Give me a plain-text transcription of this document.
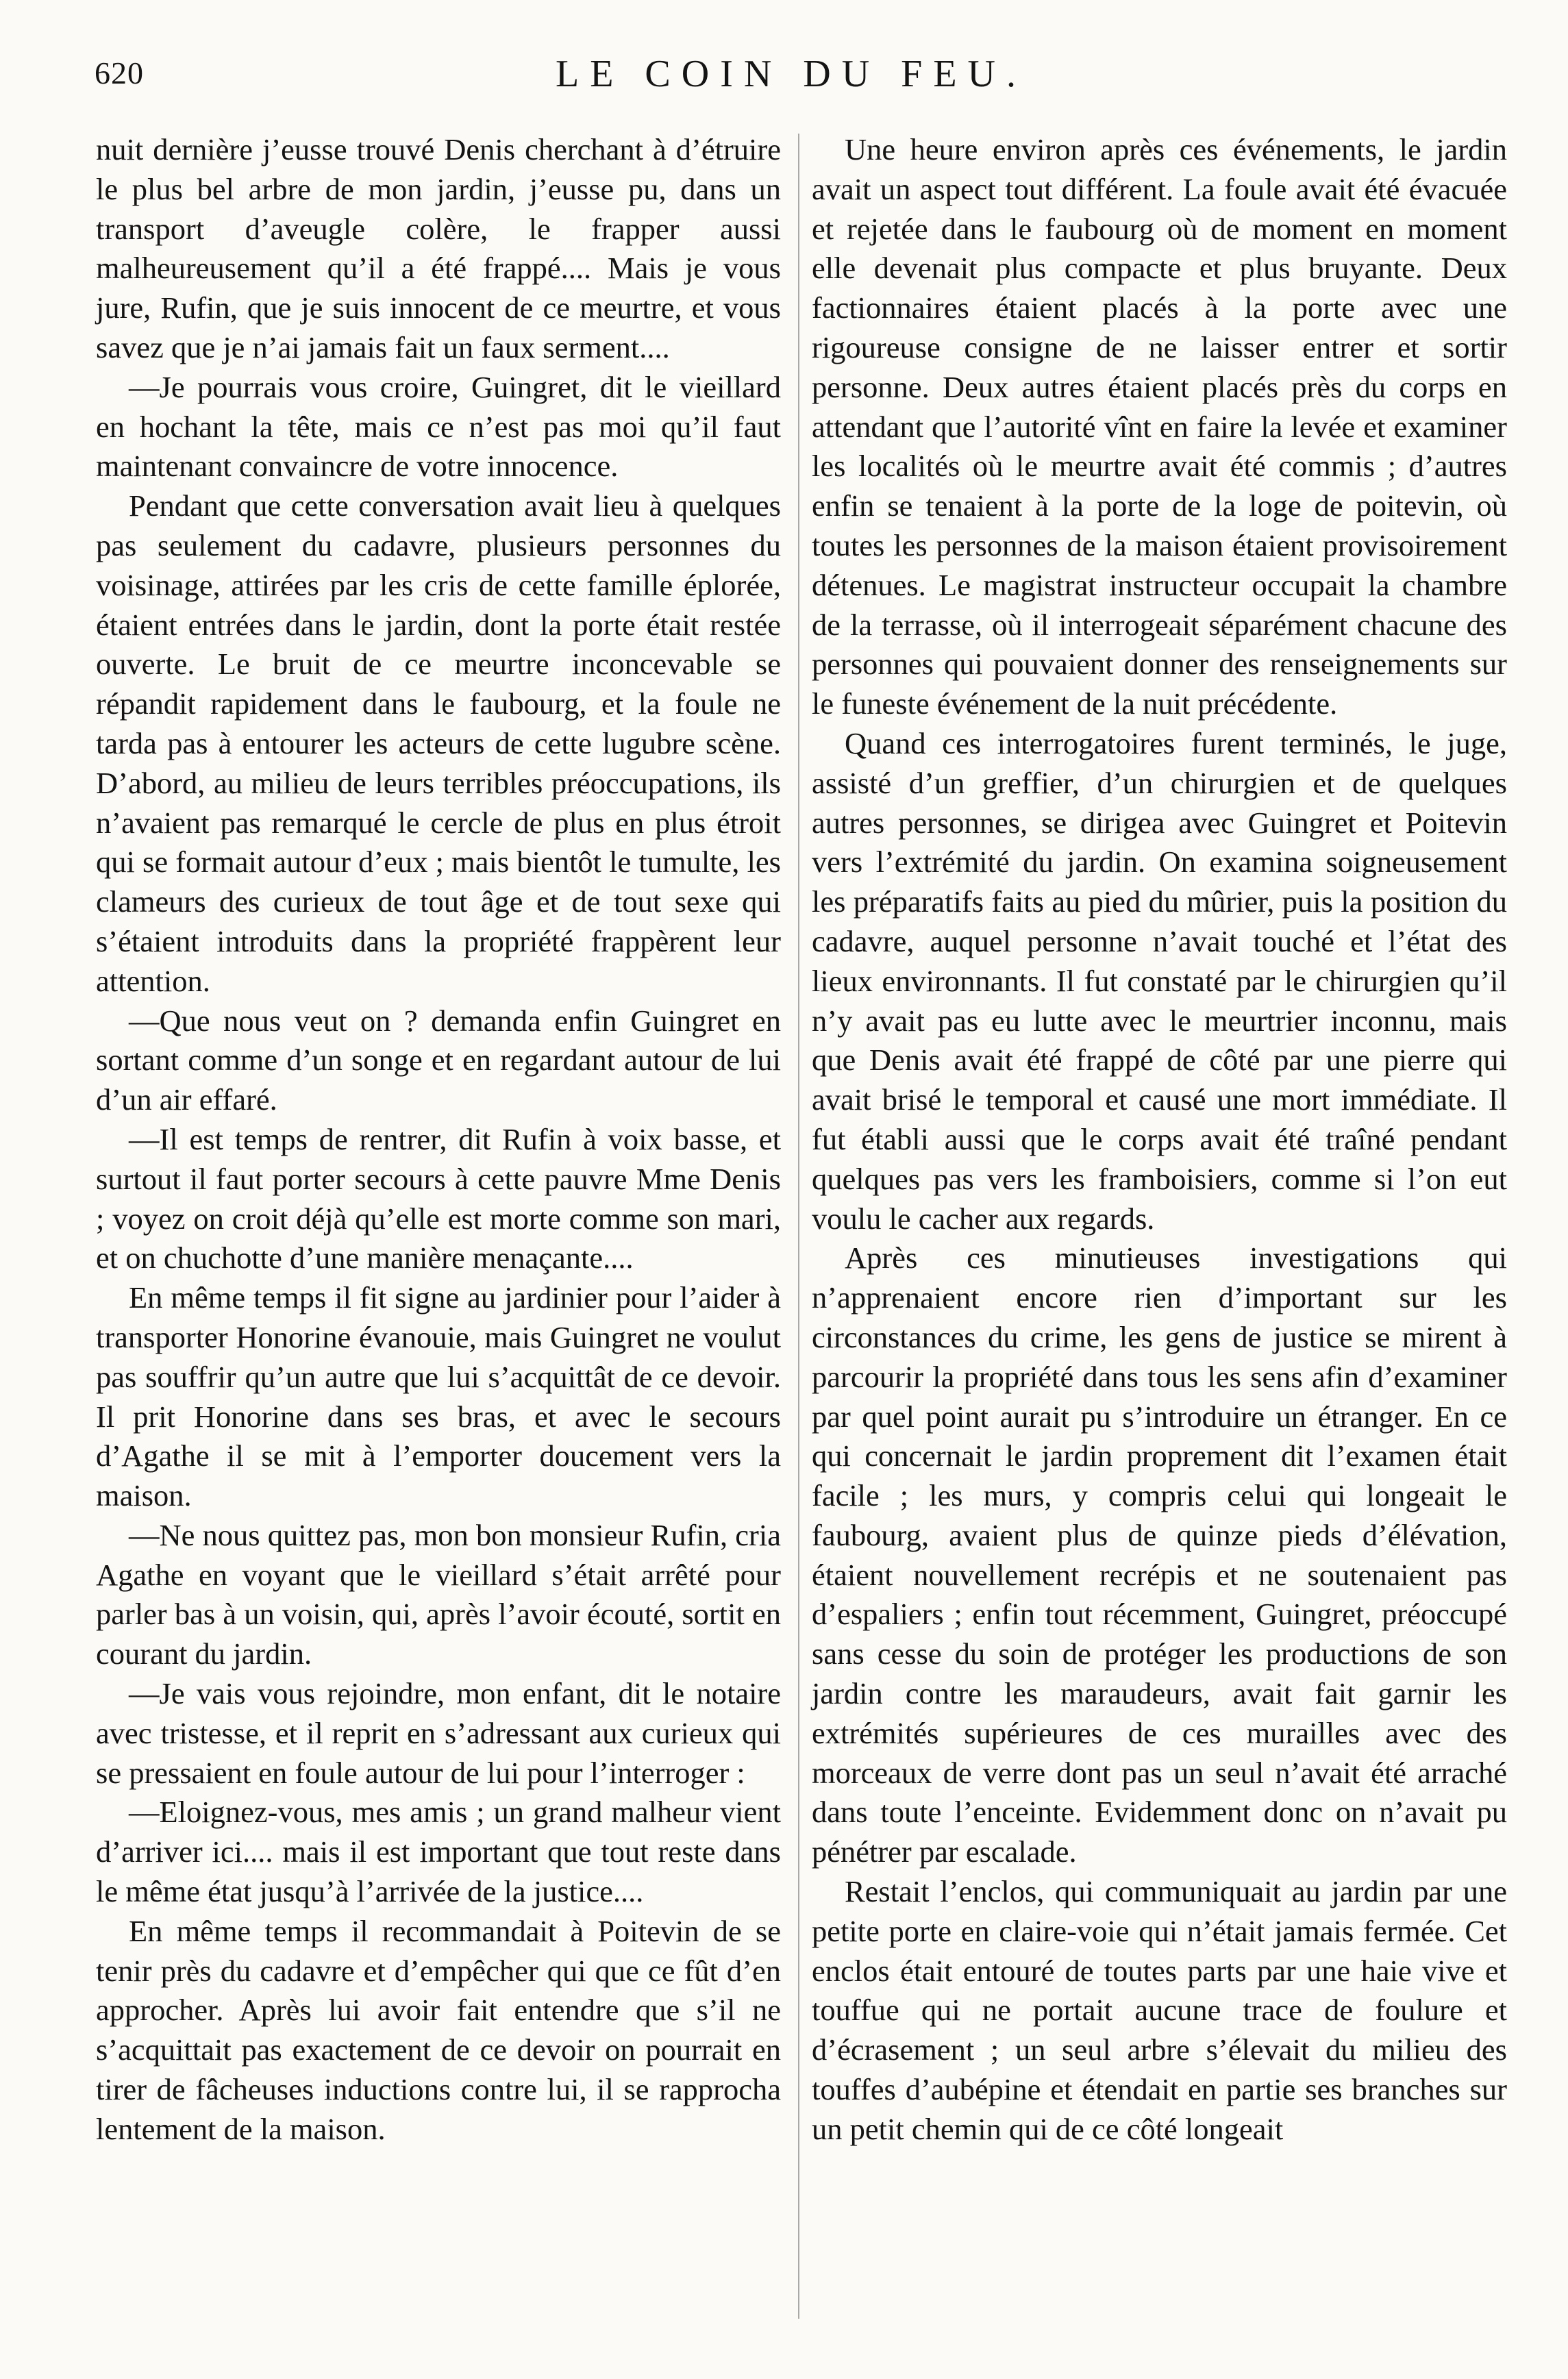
620	LE COIN DU FEU.

nuit dernière j’eusse trouvé Denis cherchant à d’étruire le plus bel arbre de mon jardin, j’eusse pu, dans un transport d’aveugle colère, le frapper aussi malheureusement qu’il a été frappé.... Mais je vous jure, Rufin, que je suis innocent de ce meurtre, et vous savez que je n’ai jamais fait un faux serment....

—Je pourrais vous croire, Guingret, dit le vieillard en hochant la tête, mais ce n’est pas moi qu’il faut maintenant convaincre de votre innocence.

Pendant que cette conversation avait lieu à quelques pas seulement du cadavre, plusieurs personnes du voisinage, attirées par les cris de cette famille éplorée, étaient entrées dans le jardin, dont la porte était restée ouverte. Le bruit de ce meurtre inconcevable se répandit rapidement dans le faubourg, et la foule ne tarda pas à entourer les acteurs de cette lugubre scène. D’abord, au milieu de leurs terribles préoccupations, ils n’avaient pas remarqué le cercle de plus en plus étroit qui se formait autour d’eux ; mais bientôt le tumulte, les clameurs des curieux de tout âge et de tout sexe qui s’étaient introduits dans la propriété frappèrent leur attention.

—Que nous veut on ? demanda enfin Guingret en sortant comme d’un songe et en regardant autour de lui d’un air effaré.

—Il est temps de rentrer, dit Rufin à voix basse, et surtout il faut porter secours à cette pauvre Mme Denis ; voyez on croit déjà qu’elle est morte comme son mari, et on chuchotte d’une manière menaçante....

En même temps il fit signe au jardinier pour l’aider à transporter Honorine évanouie, mais Guingret ne voulut pas souffrir qu’un autre que lui s’acquittât de ce devoir. Il prit Honorine dans ses bras, et avec le secours d’Agathe il se mit à l’emporter doucement vers la maison.

—Ne nous quittez pas, mon bon monsieur Rufin, cria Agathe en voyant que le vieillard s’était arrêté pour parler bas à un voisin, qui, après l’avoir écouté, sortit en courant du jardin.

—Je vais vous rejoindre, mon enfant, dit le notaire avec tristesse, et il reprit en s’adressant aux curieux qui se pressaient en foule autour de lui pour l’interroger :

—Eloignez-vous, mes amis ; un grand malheur vient d’arriver ici.... mais il est important que tout reste dans le même état jusqu’à l’arrivée de la justice....

En même temps il recommandait à Poitevin de se tenir près du cadavre et d’empêcher qui que ce fût d’en approcher. Après lui avoir fait entendre que s’il ne s’acquittait pas exactement de ce devoir on pourrait en tirer de fâcheuses inductions contre lui, il se rapprocha lentement de la maison.

Une heure environ après ces événements, le jardin avait un aspect tout différent. La foule avait été évacuée et rejetée dans le faubourg où de moment en moment elle devenait plus compacte et plus bruyante. Deux factionnaires étaient placés à la porte avec une rigoureuse consigne de ne laisser entrer et sortir personne. Deux autres étaient placés près du corps en attendant que l’autorité vînt en faire la levée et examiner les localités où le meurtre avait été commis ; d’autres enfin se tenaient à la porte de la loge de poitevin, où toutes les personnes de la maison étaient provisoirement détenues. Le magistrat instructeur occupait la chambre de la terrasse, où il interrogeait séparément chacune des personnes qui pouvaient donner des renseignements sur le funeste événement de la nuit précédente.

Quand ces interrogatoires furent terminés, le juge, assisté d’un greffier, d’un chirurgien et de quelques autres personnes, se dirigea avec Guingret et Poitevin vers l’extrémité du jardin. On examina soigneusement les préparatifs faits au pied du mûrier, puis la position du cadavre, auquel personne n’avait touché et l’état des lieux environnants. Il fut constaté par le chirurgien qu’il n’y avait pas eu lutte avec le meurtrier inconnu, mais que Denis avait été frappé de côté par une pierre qui avait brisé le temporal et causé une mort immédiate. Il fut établi aussi que le corps avait été traîné pendant quelques pas vers les framboisiers, comme si l’on eut voulu le cacher aux regards.

Après ces minutieuses investigations qui n’apprenaient encore rien d’important sur les circonstances du crime, les gens de justice se mirent à parcourir la propriété dans tous les sens afin d’examiner par quel point aurait pu s’introduire un étranger. En ce qui concernait le jardin proprement dit l’examen était facile ; les murs, y compris celui qui longeait le faubourg, avaient plus de quinze pieds d’élévation, étaient nouvellement recrépis et ne soutenaient pas d’espaliers ; enfin tout récemment, Guingret, préoccupé sans cesse du soin de protéger les productions de son jardin contre les maraudeurs, avait fait garnir les extrémités supérieures de ces murailles avec des morceaux de verre dont pas un seul n’avait été arraché dans toute l’enceinte. Evidemment donc on n’avait pu pénétrer par escalade.

Restait l’enclos, qui communiquait au jardin par une petite porte en claire-voie qui n’était jamais fermée. Cet enclos était entouré de toutes parts par une haie vive et touffue qui ne portait aucune trace de foulure et d’écrasement ; un seul arbre s’élevait du milieu des touffes d’aubépine et étendait en partie ses branches sur un petit chemin qui de ce côté longeait
